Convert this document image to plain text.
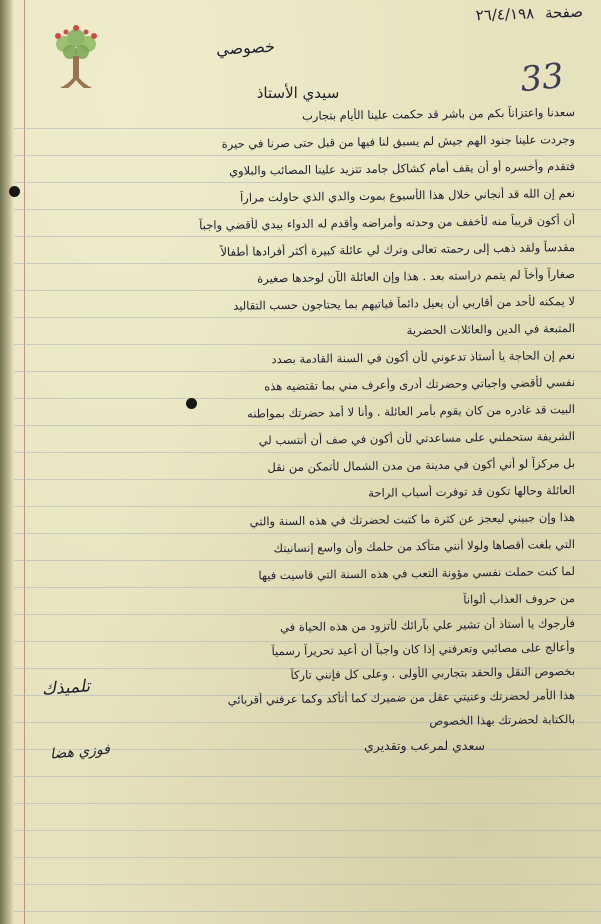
صفحة ٢٦/٤/١٩٨
خصوصي
33
سيدي الأستاذ
سعدنا واعتزاناً بكم من باشر قد حكمت علينا الأيام بتجارب
وجردت علينا جنود الهم جيش لم يسبق لنا فيها من قبل حتى صرنا في حيرة
فتقدم وأخسره أو أن يقف أمام كشاكل جامد تتزيد علينا المصائب والبلاوي
نعم إن الله قد أنجاني خلال هذا الأسبوع بموت والدي الذي حاولت مراراً
أن أكون قريباً منه لأخفف من وحدته وأمراضه وأقدم له الدواء بيدي لأقضي واجباً
مقدساً ولقد ذهب إلى رحمته تعالى وترك لي عائلة كبيرة أكثر أفرادها أطفالاً
صغاراً وأخاً لم يتمم دراسته بعد . هذا وإن العائلة الآن لوحدها صغيرة
لا يمكنه لأحد من أقاربي أن يعيل دائماً فياتيهم بما يحتاجون حسب التقاليد
المتبعة في الدين والعائلات الحضرية
نعم إن الحاجة يا أستاذ تدعوني لأن أكون في السنة القادمة بصدد
نفسي لأقضي واجباتي وحضرتك أدرى وأعرف مني بما تقتضيه هذه
البيت قد غادره من كان يقوم بأمر العائلة . وأنا لا أمد حضرتك بمواطنه
الشريفة ستحملني على مساعدتي لأن أكون في صف أن أنتسب لي
بل مركزاً لو أني أكون في مدينة من مدن الشمال لأتمكن من نقل
العائلة وحالها تكون قد توفرت أسباب الراحة
هذا وإن جبيني ليعجز عن كثرة ما كتبت لحضرتك في هذه السنة والتي
التي بلغت أقصاها ولولا أنني متأكد من حلمك وأن واسع إنسانيتك
لما كنت حملت نفسي مؤونة التعب في هذه السنة التي قاسيت فيها
من حروف العذاب ألواناً
فأرجوك يا أستاذ أن تشير علي بآرائك لأتزود من هذه الحياة في
وأعالج على مصائبي وتعرفني إذا كان واجباً أن أعيد تحريراً رسمياً
بخصوص النقل والحقد بتجاربي الأولى . وعلى كل فإنني تاركاً
هذا الأمر لحضرتك وعنيتي عقل من ضميرك كما أتأكد وكما عرفني أقربائي
بالكتابة لحضرتك بهذا الخصوص
سعدي لمرعب وتقديري
تلميذك
فوزي هضا
